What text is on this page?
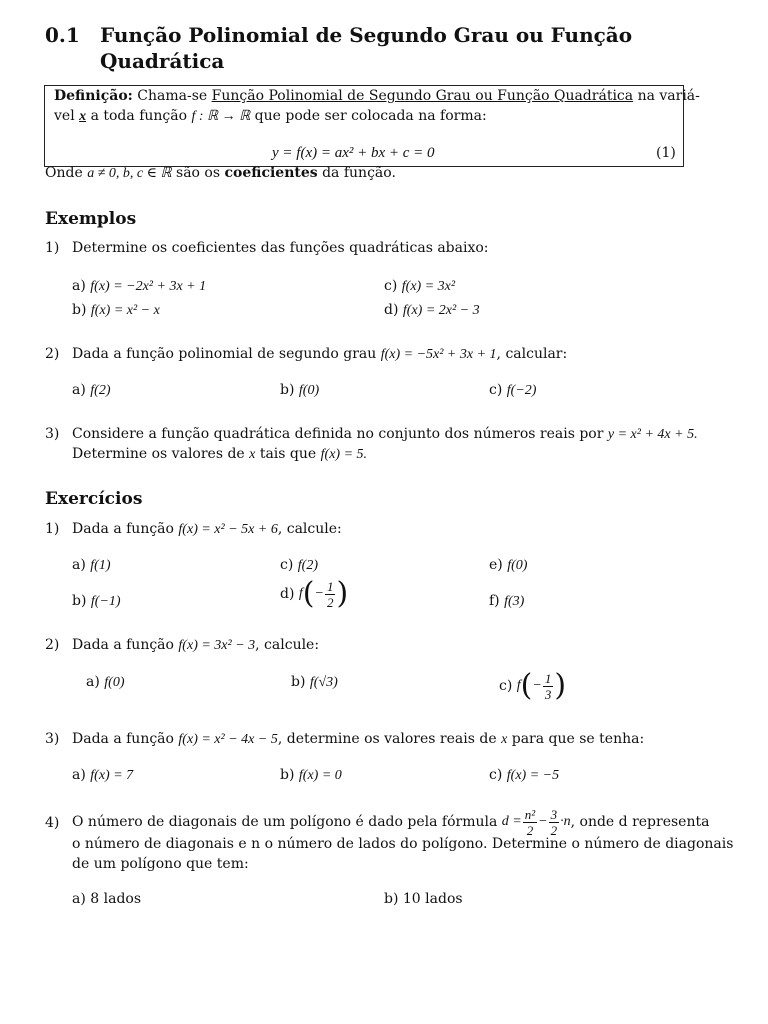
0.1 Função Polinomial de Segundo Grau ou Função
Quadrática
Definição: Chama-se Função Polinomial de Segundo Grau ou Função Quadrática na variá-
vel x a toda função f : ℝ → ℝ que pode ser colocada na forma:
y = f(x) = ax² + bx + c = 0	(1)
Onde a ≠ 0, b, c ∈ ℝ são os coeficientes da função.
Exemplos
1) Determine os coeficientes das funções quadráticas abaixo:
a) f(x) = −2x² + 3x + 1
b) f(x) = x² − x
c) f(x) = 3x²
d) f(x) = 2x² − 3
2) Dada a função polinomial de segundo grau f(x) = −5x² + 3x + 1, calcular:
a) f(2)	b) f(0)	c) f(−2)
3) Considere a função quadrática definida no conjunto dos números reais por y = x² + 4x + 5.
Determine os valores de x tais que f(x) = 5.
Exercícios
1) Dada a função f(x) = x² − 5x + 6, calcule:
a) f(1)
b) f(−1)
c) f(2)
d) $f(- \frac{1}{2}$ )
e) f(0)
f) f(3)
2) Dada a função f(x) = 3x² − 3, calcule:
a) f(0)	b) f(√3)	c) $f(- \frac{1}{3}$ )
3) Dada a função f(x) = x² − 4x − 5, determine os valores reais de x para que se tenha:
a) f(x) = 7	b) f(x) = 0	c) f(x) = −5
4) O número de diagonais de um polígono é dado pela fórmula $d = \frac{\text{n²}}{2} - \frac{3}{2} \cdot n$, onde d representa
o número de diagonais e n o número de lados do polígono. Determine o número de diagonais
de um polígono que tem:
a) 8 lados	b) 10 lados
